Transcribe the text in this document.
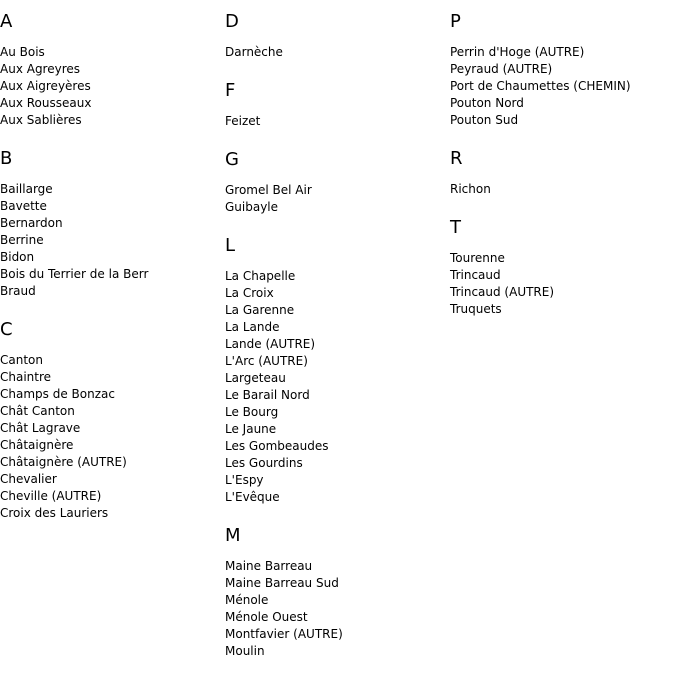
A
Au Bois
Aux Agreyres
Aux Aigreyères
Aux Rousseaux
Aux Sablières
B
Baillarge
Bavette
Bernardon
Berrine
Bidon
Bois du Terrier de la Berr
Braud
C
Canton
Chaintre
Champs de Bonzac
Chât Canton
Chât Lagrave
Châtaignère
Châtaignère (AUTRE)
Chevalier
Cheville (AUTRE)
Croix des Lauriers
D
Darnèche
F
Feizet
G
Gromel Bel Air
Guibayle
L
La Chapelle
La Croix
La Garenne
La Lande
Lande (AUTRE)
L'Arc (AUTRE)
Largeteau
Le Barail Nord
Le Bourg
Le Jaune
Les Gombeaudes
Les Gourdins
L'Espy
L'Evêque
M
Maine Barreau
Maine Barreau Sud
Ménole
Ménole Ouest
Montfavier (AUTRE)
Moulin
P
Perrin d'Hoge (AUTRE)
Peyraud (AUTRE)
Port de Chaumettes (CHEMIN)
Pouton Nord
Pouton Sud
R
Richon
T
Tourenne
Trincaud
Trincaud (AUTRE)
Truquets
